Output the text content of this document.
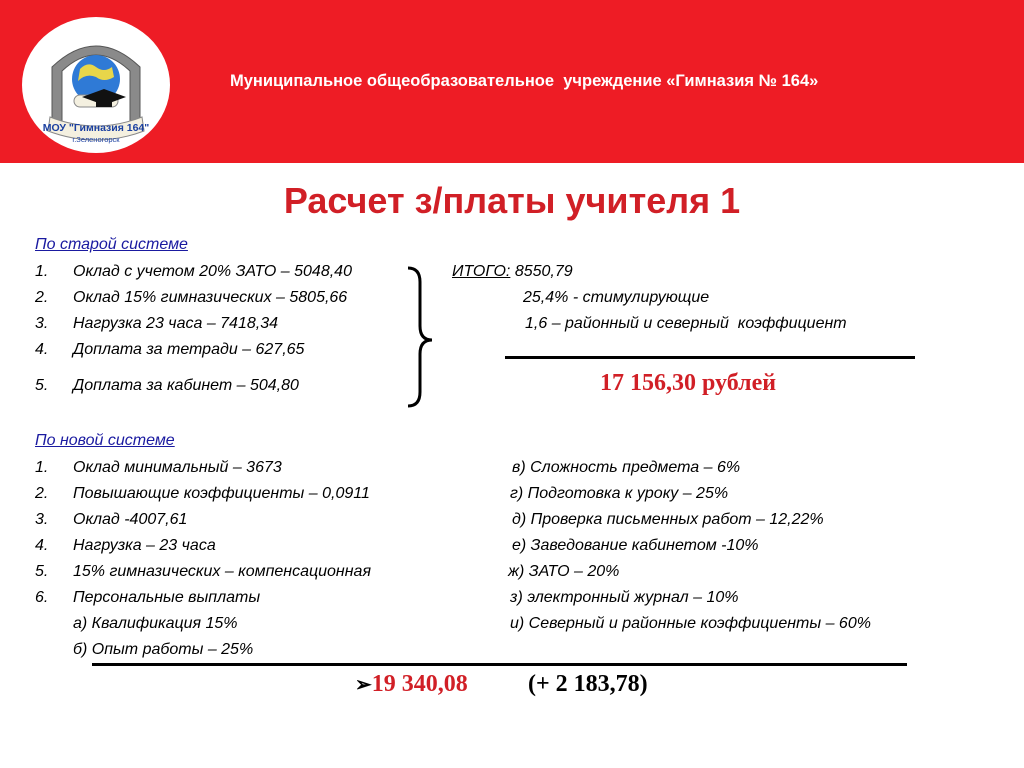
МОУ "Гимназия 164"
г.Зеленогорск
Муниципальное общеобразовательное  учреждение «Гимназия № 164»
Расчет з/платы учителя 1
По старой системе
1. Оклад с учетом 20% ЗАТО – 5048,40
2. Оклад 15% гимназических – 5805,66
3. Нагрузка 23 часа – 7418,34
4. Доплата за тетради – 627,65
5. Доплата за кабинет – 504,80
ИТОГО: 8550,79
25,4% - стимулирующие
1,6 – районный и северный  коэффициент
17 156,30 рублей
По новой системе
1. Оклад минимальный – 3673
2. Повышающие коэффициенты – 0,0911
3. Оклад -4007,61
4. Нагрузка – 23 часа
5. 15% гимназических – компенсационная
6. Персональные выплаты
а) Квалификация 15%
б) Опыт работы – 25%
в) Сложность предмета – 6%
г) Подготовка к уроку – 25%
д) Проверка письменных работ – 12,22%
е) Заведование кабинетом -10%
ж) ЗАТО – 20%
з) электронный журнал – 10%
и) Северный и районные коэффициенты – 60%
➢19 340,08	(+ 2 183,78)
